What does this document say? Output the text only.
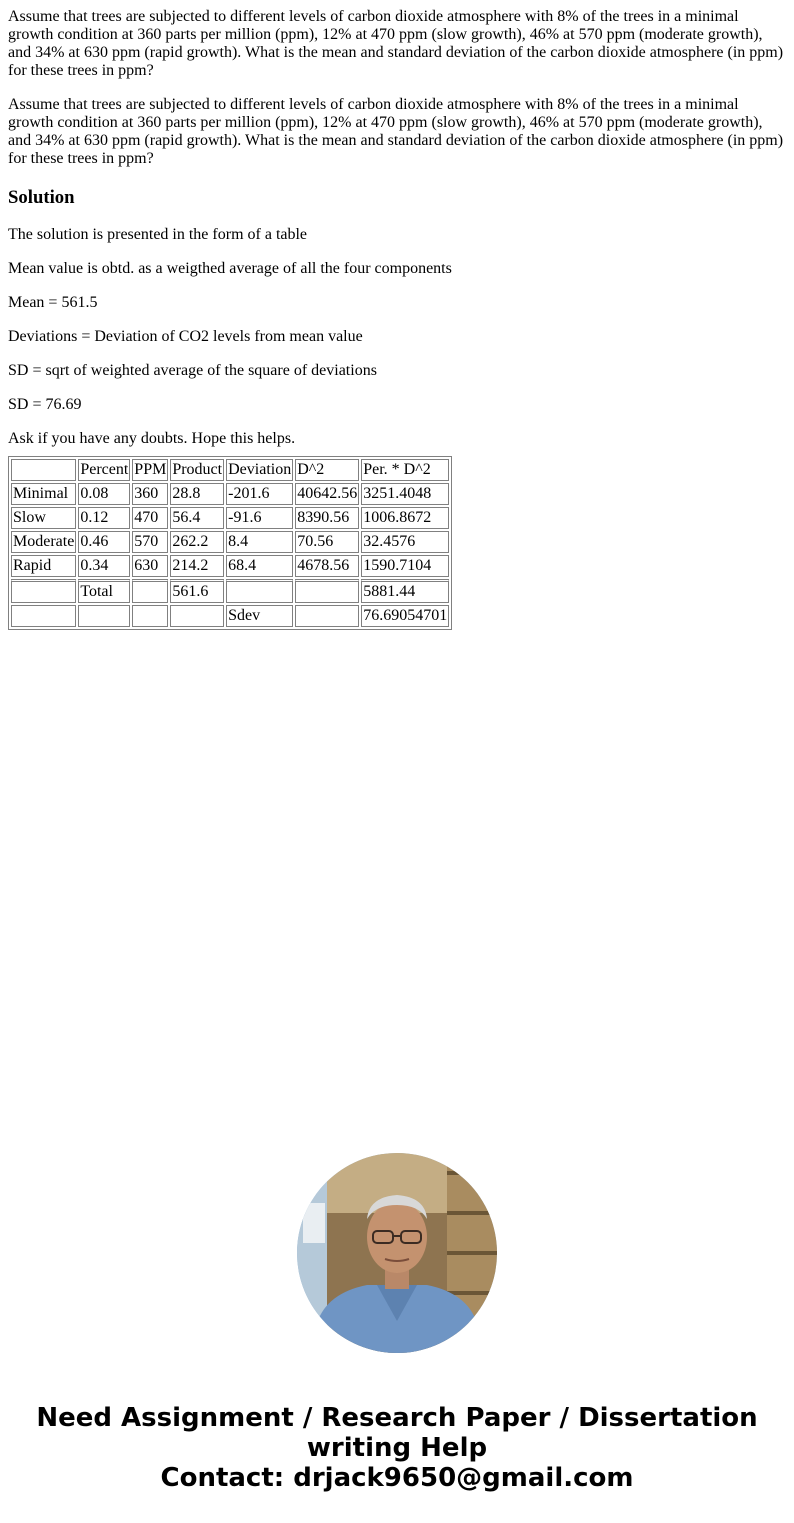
Assume that trees are subjected to different levels of carbon dioxide atmosphere with 8% of the trees in a minimal growth condition at 360 parts per million (ppm), 12% at 470 ppm (slow growth), 46% at 570 ppm (moderate growth), and 34% at 630 ppm (rapid growth). What is the mean and standard deviation of the carbon dioxide atmosphere (in ppm) for these trees in ppm?

Assume that trees are subjected to different levels of carbon dioxide atmosphere with 8% of the trees in a minimal growth condition at 360 parts per million (ppm), 12% at 470 ppm (slow growth), 46% at 570 ppm (moderate growth), and 34% at 630 ppm (rapid growth). What is the mean and standard deviation of the carbon dioxide atmosphere (in ppm) for these trees in ppm?

Solution

The solution is presented in the form of a table

Mean value is obtd. as a weigthed average of all the four components

Mean = 561.5

Deviations = Deviation of CO2 levels from mean value

SD = sqrt of weighted average of the square of deviations

SD = 76.69

Ask if you have any doubts. Hope this helps.

	Percent	PPM	Product	Deviation	D^2	Per. * D^2
Minimal	0.08	360	28.8	-201.6	40642.56	3251.4048
Slow	0.12	470	56.4	-91.6	8390.56	1006.8672
Moderate	0.46	570	262.2	8.4	70.56	32.4576
Rapid	0.34	630	214.2	68.4	4678.56	1590.7104
	Total		561.6			5881.44
				Sdev		76.69054701
Need Assignment / Research Paper / Dissertation writing Help
Contact: drjack9650@gmail.com
